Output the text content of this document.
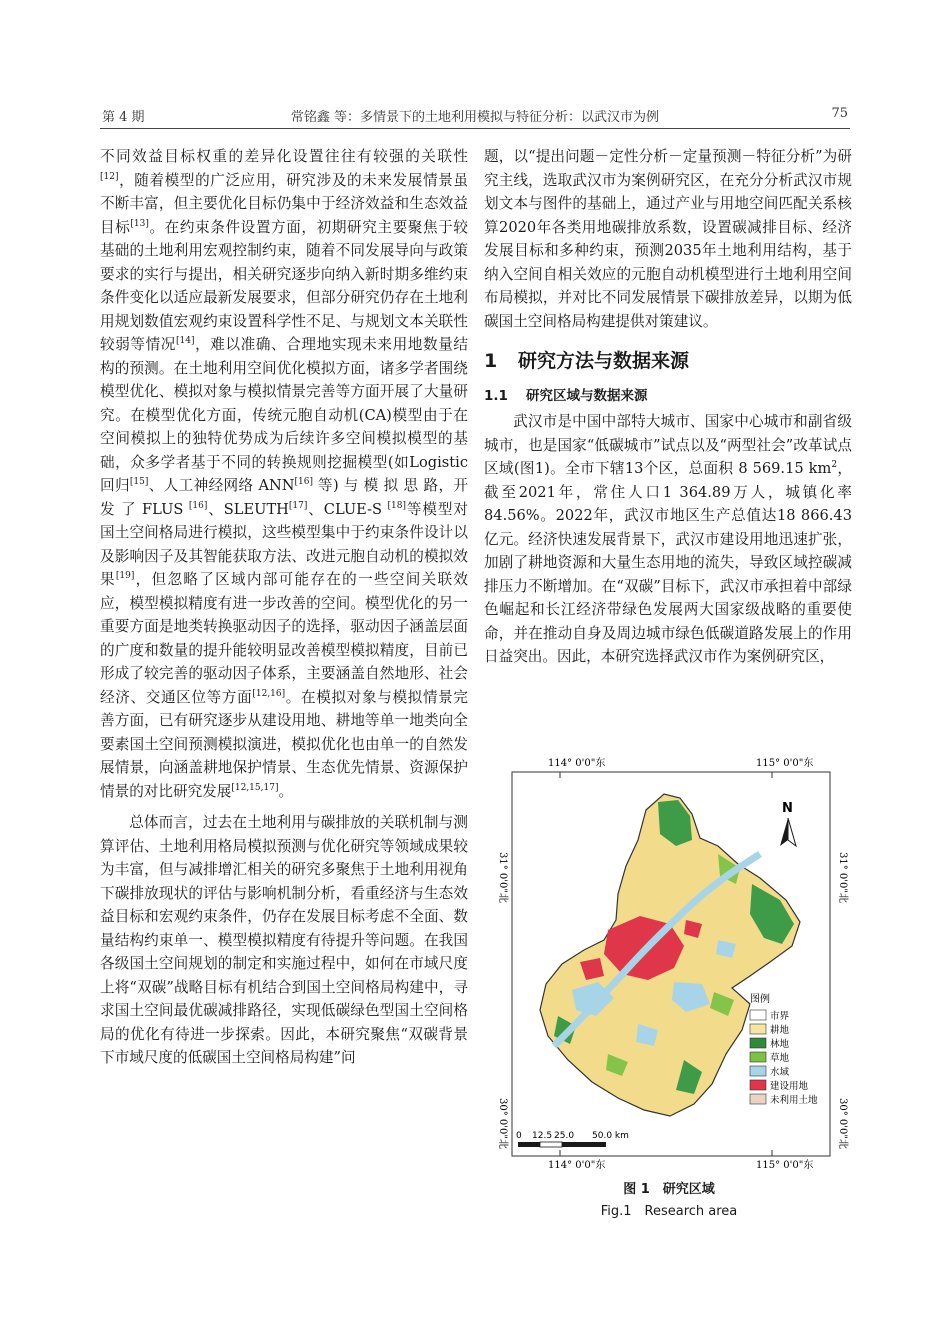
第 4 期	常铭鑫 等：多情景下的土地利用模拟与特征分析：以武汉市为例	75

不同效益目标权重的差异化设置往往有较强的关联性[12]，随着模型的广泛应用，研究涉及的未来发展情景虽不断丰富，但主要优化目标仍集中于经济效益和生态效益目标[13]。在约束条件设置方面，初期研究主要聚焦于较基础的土地利用宏观控制约束，随着不同发展导向与政策要求的实行与提出，相关研究逐步向纳入新时期多维约束条件变化以适应最新发展要求，但部分研究仍存在土地利用规划数值宏观约束设置科学性不足、与规划文本关联性较弱等情况[14]，难以准确、合理地实现未来用地数量结构的预测。在土地利用空间优化模拟方面，诸多学者围绕模型优化、模拟对象与模拟情景完善等方面开展了大量研究。在模型优化方面，传统元胞自动机(CA)模型由于在空间模拟上的独特优势成为后续许多空间模拟模型的基础，众多学者基于不同的转换规则挖掘模型(如Logistic 回归[15]、人工神经网络 ANN[16] 等) 与 模 拟 思 路，开 发 了 FLUS [16]、SLEUTH[17]、CLUE-S [18]等模型对国土空间格局进行模拟，这些模型集中于约束条件设计以及影响因子及其智能获取方法、改进元胞自动机的模拟效果[19]，但忽略了区域内部可能存在的一些空间关联效应，模型模拟精度有进一步改善的空间。模型优化的另一重要方面是地类转换驱动因子的选择，驱动因子涵盖层面的广度和数量的提升能较明显改善模型模拟精度，目前已形成了较完善的驱动因子体系，主要涵盖自然地形、社会经济、交通区位等方面[12,16]。在模拟对象与模拟情景完善方面，已有研究逐步从建设用地、耕地等单一地类向全要素国土空间预测模拟演进，模拟优化也由单一的自然发展情景，向涵盖耕地保护情景、生态优先情景、资源保护情景的对比研究发展[12,15,17]。

总体而言，过去在土地利用与碳排放的关联机制与测算评估、土地利用格局模拟预测与优化研究等领域成果较为丰富，但与减排增汇相关的研究多聚焦于土地利用视角下碳排放现状的评估与影响机制分析，看重经济与生态效益目标和宏观约束条件，仍存在发展目标考虑不全面、数量结构约束单一、模型模拟精度有待提升等问题。在我国各级国土空间规划的制定和实施过程中，如何在市域尺度上将“双碳”战略目标有机结合到国土空间格局构建中，寻求国土空间最优碳减排路径，实现低碳绿色型国土空间格局的优化有待进一步探索。因此，本研究聚焦“双碳背景下市域尺度的低碳国土空间格局构建”问

题，以“提出问题－定性分析－定量预测－特征分析”为研究主线，选取武汉市为案例研究区，在充分分析武汉市规划文本与图件的基础上，通过产业与用地空间匹配关系核算2020年各类用地碳排放系数，设置碳减排目标、经济发展目标和多种约束，预测2035年土地利用结构，基于纳入空间自相关效应的元胞自动机模型进行土地利用空间布局模拟，并对比不同发展情景下碳排放差异，以期为低碳国土空间格局构建提供对策建议。

1 研究方法与数据来源
1.1 研究区域与数据来源

武汉市是中国中部特大城市、国家中心城市和副省级城市，也是国家“低碳城市”试点以及“两型社会”改革试点区域(图1)。全市下辖13个区，总面积 8 569.15 $km^2$，截至2021年，常住人口1 364.89万人，城镇化率84.56%。2022年，武汉市地区生产总值达18 866.43亿元。经济快速发展背景下，武汉市建设用地迅速扩张，加剧了耕地资源和大量生态用地的流失，导致区域控碳减排压力不断增加。在“双碳”目标下，武汉市承担着中部绿色崛起和长江经济带绿色发展两大国家级战略的重要使命，并在推动自身及周边城市绿色低碳道路发展上的作用日益突出。因此，本研究选择武汉市作为案例研究区，

114° 0'0"东	115° 0'0"东
114° 0'0"东	115° 0'0"东
31° 0'0"北
30° 0'0"北
31° 0'0"北
30° 0'0"北
N
图例
市界
耕地
林地
草地
水域
建设用地
未利用土地
0 12.5 25.0 50.0 km
图 1　研究区域
Fig.1　Research area
